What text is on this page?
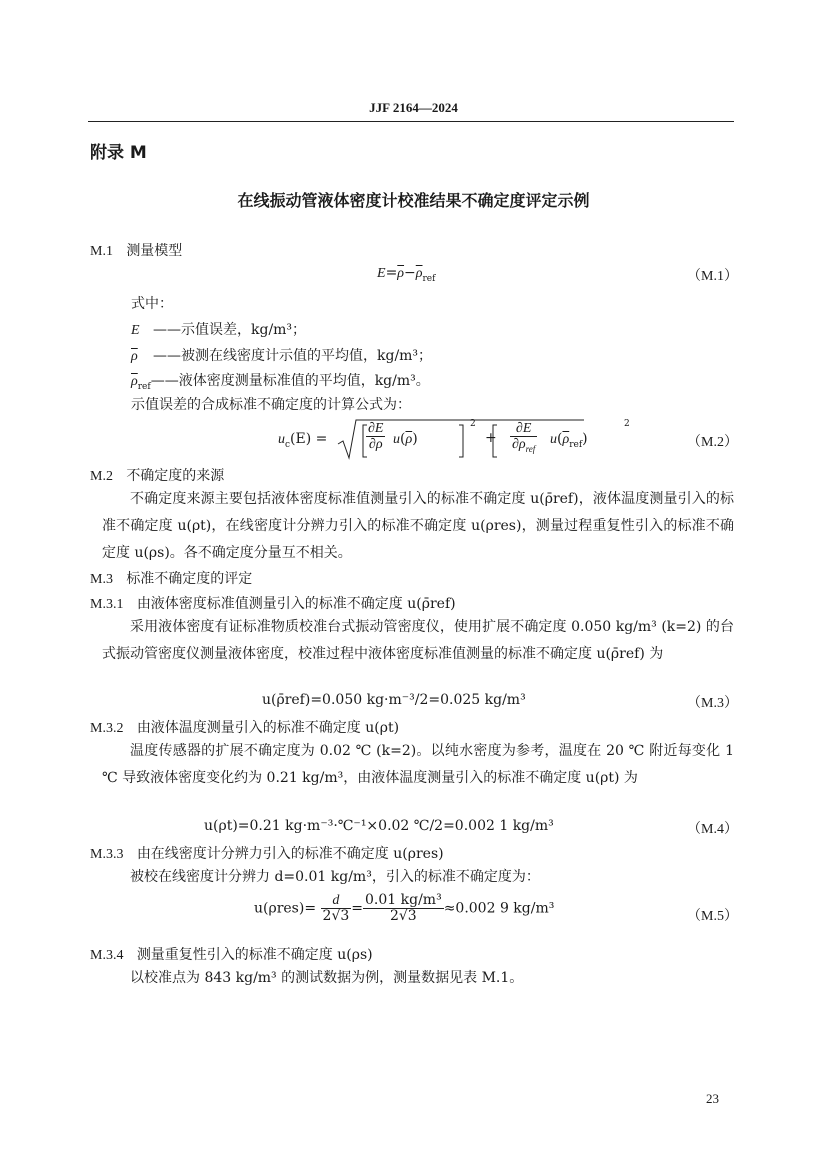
JJF 2164—2024
附录 M
在线振动管液体密度计校准结果不确定度评定示例
M.1 测量模型
$E=\overline{\rho}-\overline{\rho}_{ref}$	（M.1）
式中：
E ——示值误差，kg/m³；
$\overline{\rho}$ ——被测在线密度计示值的平均值，kg/m³；
$\overline{\rho}_{ref}——$液体密度测量标准值的平均值，kg/m³。
示值误差的合成标准不确定度的计算公式为：
$u_c(E)$ =	$\frac{\partial E}{\partial\rho} u(\overline{\rho})$
2
+
∂E
$\partial\rho_{ref}$
$u(\overline{\rho}_{ref})$
2
（M.2）
M.2 不确定度的来源
不确定度来源主要包括液体密度标准值测量引入的标准不确定度 u(ρ̄ref)，液体温度测量引入的标准不确定度 u(ρt)，在线密度计分辨力引入的标准不确定度 u(ρres)，测量过程重复性引入的标准不确定度 u(ρs)。各不确定度分量互不相关。
M.3 标准不确定度的评定
M.3.1 由液体密度标准值测量引入的标准不确定度 u(ρ̄ref)
采用液体密度有证标准物质校准台式振动管密度仪，使用扩展不确定度 0.050 kg/m³ (k=2) 的台式振动管密度仪测量液体密度，校准过程中液体密度标准值测量的标准不确定度 u(ρ̄ref) 为
u(ρ̄ref)=0.050 kg·m⁻³/2=0.025 kg/m³	（M.3）
M.3.2 由液体温度测量引入的标准不确定度 u(ρt)
温度传感器的扩展不确定度为 0.02 ℃ (k=2)。以纯水密度为参考，温度在 20 ℃ 附近每变化 1 ℃ 导致液体密度变化约为 0.21 kg/m³，由液体温度测量引入的标准不确定度 u(ρt) 为
u(ρt)=0.21 kg·m⁻³·℃⁻¹×0.02 ℃/2=0.002 1 kg/m³	（M.4）
M.3.3 由在线密度计分辨力引入的标准不确定度 u(ρres)
被校在线密度计分辨力 d=0.01 kg/m³，引入的标准不确定度为：
$u(\rho res)= \frac{d}{2√3} = \frac{\text{0.01 kg/m³}}{2√3} \approx 0.002$ 9 kg/m³	（M.5）
M.3.4 测量重复性引入的标准不确定度 u(ρs)
以校准点为 843 kg/m³ 的测试数据为例，测量数据见表 M.1。
23
